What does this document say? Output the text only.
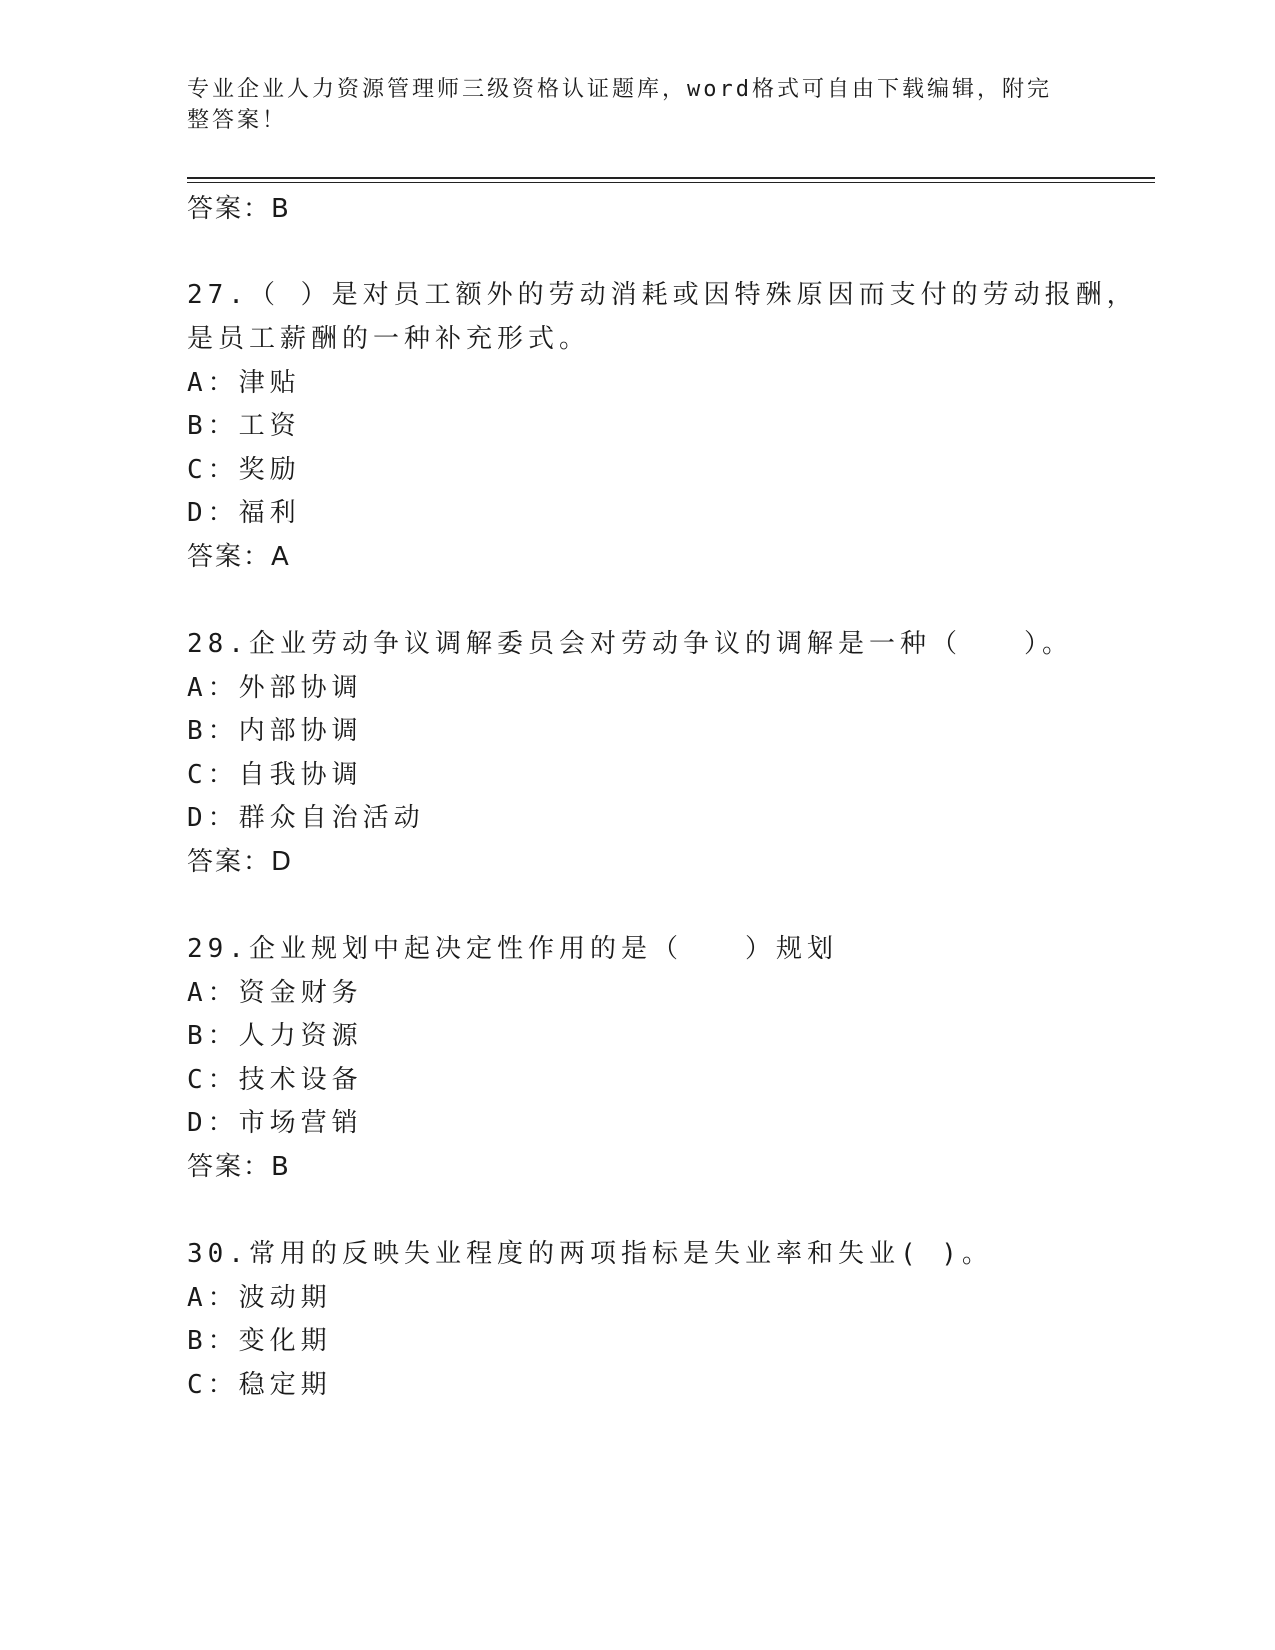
专业企业人力资源管理师三级资格认证题库，word格式可自由下载编辑，附完整答案！
答案：B
27.（ ）是对员工额外的劳动消耗或因特殊原因而支付的劳动报酬，
是员工薪酬的一种补充形式。
A：津贴
B：工资
C：奖励
D：福利
答案：A
28.企业劳动争议调解委员会对劳动争议的调解是一种（　　）。
A：外部协调
B：内部协调
C：自我协调
D：群众自治活动
答案：D
29.企业规划中起决定性作用的是（　　）规划
A：资金财务
B：人力资源
C：技术设备
D：市场营销
答案：B
30.常用的反映失业程度的两项指标是失业率和失业( )。
A：波动期
B：变化期
C：稳定期
